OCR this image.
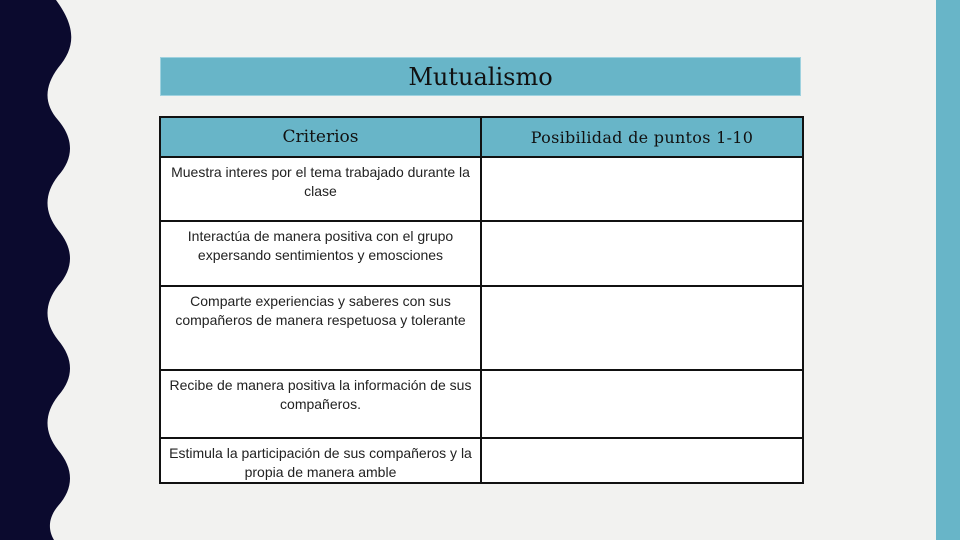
Mutualismo
Criterios	Posibilidad de puntos 1-10
Muestra interes por el tema trabajado durante la clase	
Interactúa de manera positiva con el grupo expersando sentimientos y emosciones	
Comparte experiencias y saberes con sus compañeros de manera respetuosa y tolerante	
Recibe de manera positiva la información de sus compañeros.	
Estimula la participación de sus compañeros y la propia de manera amble	
